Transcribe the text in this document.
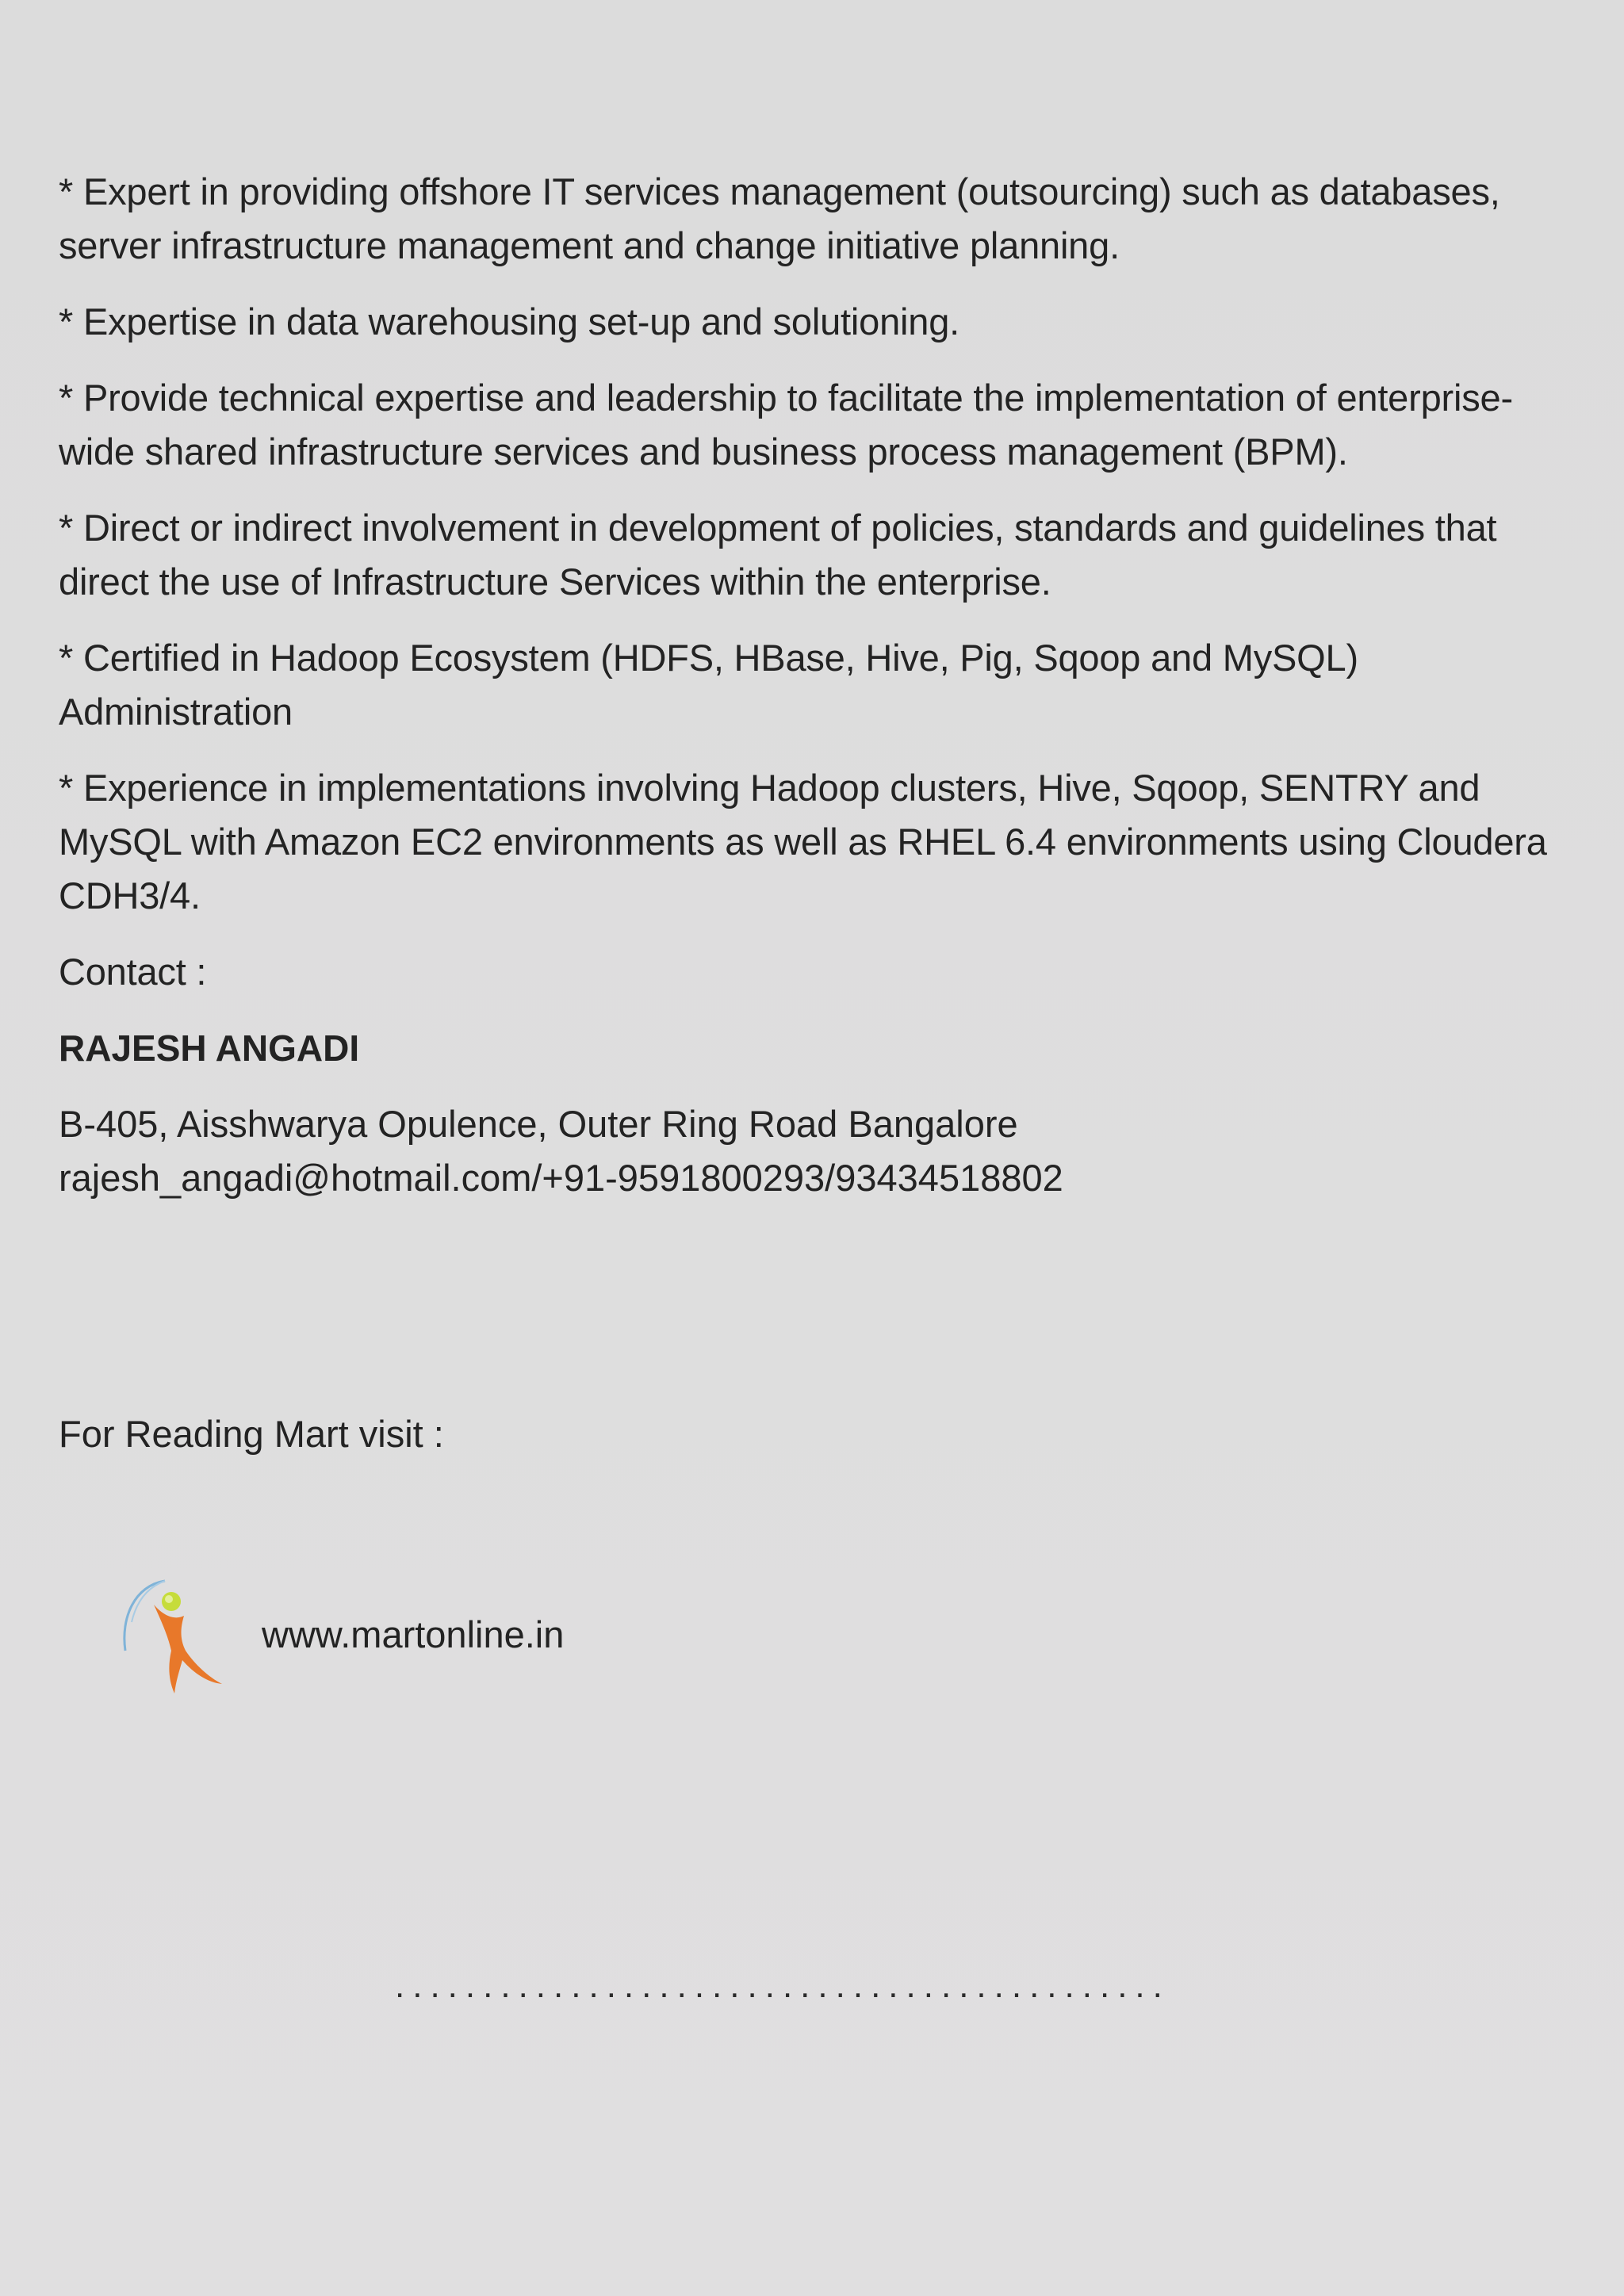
* Expert in providing offshore IT services management (outsourcing) such as databases, server infrastructure management and change initiative planning.

* Expertise in data warehousing set-up and solutioning.

* Provide technical expertise and leadership to facilitate the implementation of enterprise-wide shared infrastructure services and business process management (BPM).

* Direct or indirect involvement in development of policies, standards and guidelines that direct the use of Infrastructure Services within the enterprise.

* Certified in Hadoop Ecosystem (HDFS, HBase, Hive, Pig, Sqoop and MySQL) Administration

* Experience in implementations involving Hadoop clusters, Hive, Sqoop, SENTRY and MySQL with Amazon EC2 environments as well as RHEL 6.4 environments using Cloudera CDH3/4.

Contact :

RAJESH ANGADI

B-405, Aisshwarya Opulence, Outer Ring Road Bangalore

rajesh_angadi@hotmail.com/+91-9591800293/93434518802

For Reading Mart visit :
www.martonline.in
............................................
